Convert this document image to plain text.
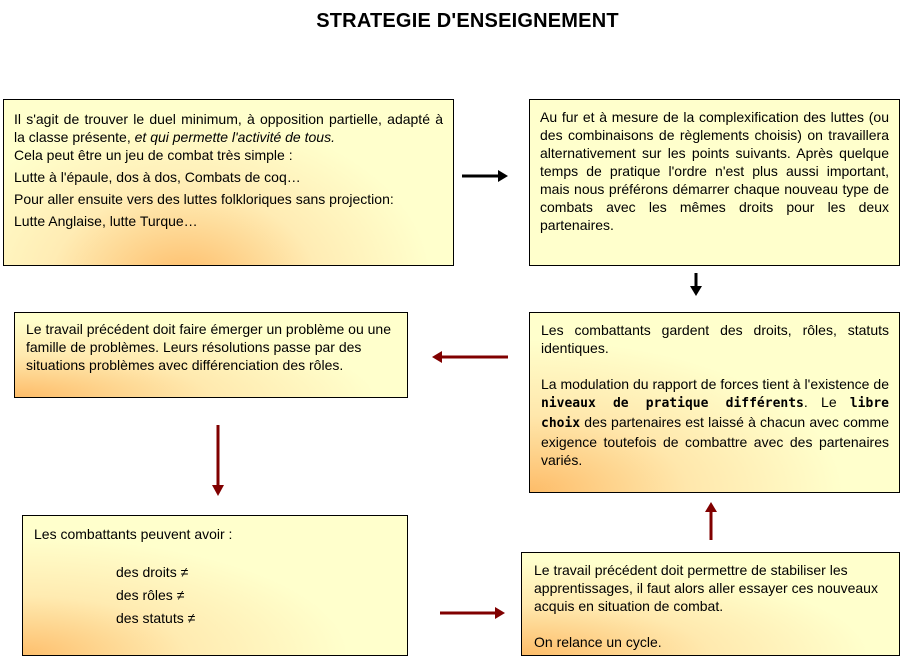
STRATEGIE D'ENSEIGNEMENT

Il s'agit de trouver le duel minimum, à opposition partielle, adapté à la classe présente, et qui permette l'activité de tous.

Cela peut être un jeu de combat très simple :

Lutte à l'épaule, dos à dos, Combats de coq…

Pour aller ensuite vers des luttes folkloriques sans projection:

Lutte Anglaise, lutte Turque…

Au fur et à mesure de la complexification des luttes (ou des combinaisons de règlements choisis) on travaillera alternativement sur les points suivants. Après quelque temps de pratique l'ordre n'est plus aussi important, mais nous préférons démarrer chaque nouveau type de combats avec les mêmes droits pour les deux partenaires.

Les combattants gardent des droits, rôles, statuts identiques.

La modulation du rapport de forces tient à l'existence de niveaux de pratique différents. Le libre choix des partenaires est laissé à chacun avec comme exigence toutefois de combattre avec des partenaires variés.

Le travail précédent doit faire émerger un problème ou une famille de problèmes. Leurs résolutions passe par des situations problèmes avec différenciation des rôles.

Le travail précédent doit permettre de stabiliser les apprentissages, il faut alors aller essayer ces nouveaux acquis en situation de combat.

On relance un cycle.

Les combattants peuvent avoir :

des droits ≠

des rôles ≠

des statuts ≠
